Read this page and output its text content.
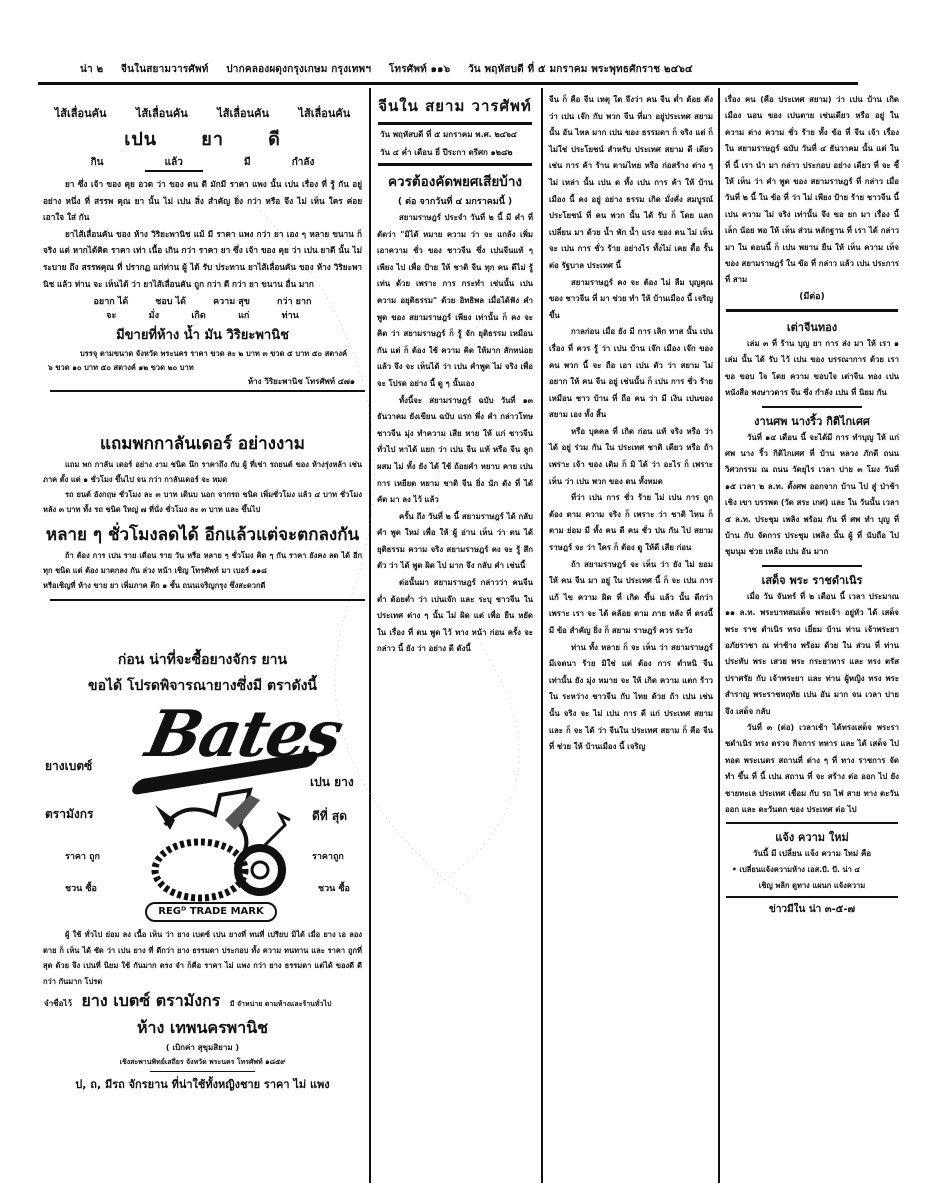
น่า ๒ จีนในสยามวารศัพท์ ปากคลองผดุงกรุงเกษม กรุงเทพฯ โทรศัพท์ ๑๑๖ วัน พฤหัสบดี ที่ ๕ มกราคม พระพุทธศักราช ๒๔๖๔
ไส้เลื่อนคัน	ไส้เลื่อนคัน	ไส้เลื่อนคัน	ไส้เลื่อนคัน
เปน ยา ดี
กิน	แล้ว	มี	กำลัง

ยา ซึ่ง เจ้า ของ คุย อวด ว่า ของ ตน ดี มักมี ราคา แพง นั้น เปน เรื่อง ที่ รู้ กัน อยู่ อย่าง หนึ่ง ที่ สรรพ คุณ ยา นั้น ไม่ เปน สิ่ง สำคัญ ยิ่ง กว่า หรือ จึง ไม่ เห็น ใคร ค่อย เอาใจ ใส่ กัน

ยาไส้เลื่อนคัน ของ ห้าง วิริยะพานิช แม้ มี ราคา แพง กว่า ยา เอง ๆ หลาย ขนาน ก็ จริง แต่ หากได้คิด ราคา เท่า เนื้อ เกิน กว่า ราคา ยา ซึ่ง เจ้า ของ คุย ว่า เปน ยาดี นั้น ไม่ ระบาย ถึง สรรพคุณ ที่ ปรากฏ แก่ท่าน ผู้ ได้ รับ ประทาน ยาไส้เลื่อนคัน ของ ห้าง วิริยะพานิช แล้ว ท่าน จะ เห็นได้ ว่า ยาไส้เลื่อนคัน ถูก กว่า ดี กว่า ยา ขนาน อื่น มาก

อยาก ได้	ชอบ ได้	ความ สุข	กว่า ยาก
จะ	มั่ง	เกิด	แก่	ท่าน
มีขายที่ห้าง น้ำ มัน วิริยะพานิช
บรรจุ ตามขนาด จังหวัด พระนคร ราคา ขวด ละ ๒ บาท ๓ ขวด ๕ บาท ๕๐ สตางค์
๖ ขวด ๑๐ บาท ๕๐ สตางค์ ๑๒ ขวด ๒๐ บาท
ห้าง วิริยะพานิช โทรศัพท์ ๔๗๑
แถมพกกาลันเดอร์ อย่างงาม

แถม พก กาลัน เดอร์ อย่าง งาม ชนิด นึก ราคาถึง กับ ผู้ ที่เช่า รถยนต์ ของ ห้างรุ่งหล้า เช่น ภาค ตั้ง แต่ ๑ ชั่วโมง ขึ้นไป จน กว่า กาลันเดอร์ จะ หมด

รถ ยนต์ อังกฤษ ชั่วโมง ละ ๓ บาท เดินบ นอก จากรถ ชนิด เพิ่มชั่วโมง แล้ว ๔ บาท ชั่วโมง หลัง ๓ บาท ทั้ง รถ ชนิด ใหญ่ ๗ ที่นั่ง ชั่วโมง ละ ๓ บาท และ ขึ้นไป

หลาย ๆ ชั่วโมงลดได้ อีกแล้วแต่จะตกลงกัน

ถ้า ต้อง การ เปน ราย เดือน ราย วัน หรือ หลาย ๆ ชั่วโมง คิด ๆ กัน ราคา ยังคง ลด ได้ อีก ทุก ชนิด แต่ ต้อง มาตกลง กัน ล่วง หน้า เชิญ โทรศัพท์ มา เบอร์ ๑๑๘

หรือเชิญที่ ห้าง ขาย ยา เพิ่มภาค ตึก ๑ ชั้น ถนนเจริญกรุง ซึ่งสะดวกดี

ก่อน น่าที่จะซื้อยางจักร ยาน
ขอได้ โปรดพิจารณายางซึ่งมี ตราดังนี้
Bates
REGᴰ TRADE MARK
ยางเบตซ์
ตรามังกร
ราคา ถูก
ชวน ซื้อ
เปน ยาง
ดีที่ สุด
ราคาถูก
ชวน ซื้อ

ผู้ ใช้ ทั่วไป ย่อม ลง เนื้อ เห็น ว่า ยาง เบตซ์ เปน ยางที่ ทนที่ เปรียบ มิได้ เมื่อ ยาง เอ ลอง ตาย ก็ เห็น ได้ ชัด ว่า เปน ยาง ที่ ดีกว่า ยาง ธรรมดา ประกอบ ทั้ง ความ ทนทาน และ ราคา ถูกที่ สุด ด้วย จึง เปนที่ นิยม ใช้ กันมาก ตรง จำ ก็คือ ราคา ไม่ แพง กว่า ยาง ธรรมดา แต่ได้ ของดี ดีกว่า กันมาก โปรด

จำชื่อไว้ ยาง เบตซ์ ตรามังกร มี จำหน่าย ตามห้างและร้านทั่วไป
ห้าง เทพนครพานิช
( เบิกค่า สุขุมสิยาม )
เชิงสะพานพิทย์เสถียร จังหวัด พระนคร โทรศัพท์ ๑๘๕๙
ป, ถ, มีรถ จักรยาน ที่น่าใช้ทั้งหญิงชาย ราคา ไม่ แพง
จีนใน สยาม วารศัพท์
วัน พฤหัสบดี ที่ ๕ มกราคม พ.ศ. ๒๔๖๔
วัน ๔ ค่ำ เดือน ยี่ ปีระกา ตรีศก ๑๒๘๒
ควรต้องคัดพยศเสียบ้าง
( ต่อ จากวันที่ ๔ มกราคมนี้ )

สยามราษฎร์ ประจำ วันที่ ๒ นี้ มี คำ ที่ ตัดว่า "มิได้ หมาย ความ ว่า จะ แกล้ง เพิ่ม เอาความ ชั่ว ของ ชาวจีน ซึ่ง เปนจีนแท้ ๆ เพียง ไป เพื่อ ป้าย ให้ ชาติ จีน ทุก คน ดีไม่ รู้ เท่น ด้วย เพราะ การ กระทำ เช่นนั้น เปน ความ อยุติธรรม" ด้วย อิทธิพล เมื่อได้ฟัง คำ พูด ของ สยามราษฎร์ เพียง เท่านั้น ก็ คง จะ คิด ว่า สยามราษฎร์ ก็ รู้ จัก ยุติธรรม เหมือนกัน แต่ ก็ ต้อง ใช้ ความ คิด ให้มาก สักหน่อย แล้ว จึง จะ เห็นได้ ว่า เปน คำพูด ไม่ จริง เพื่อ จะ โปรด อย่าง นี้ ดู ๆ นั้นเอง

ทั้งนี้จะ สยามราษฎร์ ฉบับ วันที่ ๑๓ ธันวาคม ยังเขียน ฉบับ แรก พึ่ง คำ กล่าวโทษ ชาวจีน มุ่ง ทำความ เสีย หาย ให้ แก่ ชาวจีน ทั่วไป หาได้ แยก ว่า เปน จีน แท้ หรือ จีน ลูก ผสม ไม่ ทั้ง ยัง ได้ ใช้ ถ้อยคำ หยาบ คาย เปน การ เหยียด หยาม ชาติ จีน ยิ่ง นัก ดัง ที่ ได้ คัด มา ลง ไว้ แล้ว

ครั้น ถึง วันที่ ๒ นี้ สยามราษฎร์ ได้ กลับ คำ พูด ใหม่ เพื่อ ให้ ผู้ อ่าน เห็น ว่า ตน ได้ ยุติธรรม ความ จริง สยามราษฎร์ คง จะ รู้ สึก ตัว ว่า ได้ พูด ผิด ไป มาก จึง กลับ คำ เช่นนี้

ต่อนั้นมา สยามราษฎร์ กล่าวว่า คนจีน ต่ำ ต้อยต่ำ ว่า เปนเจ๊ก และ ระบุ ชาวจีน ใน ประเทศ ต่าง ๆ นั้น ไม่ ผิด แต่ เพื่อ ยืน หยัด ใน เรื่อง ที่ ตน พูด ไว้ ทาง หน้า ก่อน ครั้ง จะ กล่าว นี้ ยัง ว่า อย่าง ดี ดังนี้

จีน ก็ คือ จีน เหตุ ใด จึงว่า คน จีน ต่ำ ต้อย ดังว่า เปน เจ๊ก กับ พวก จีน ที่มา อยู่ประเทศ สยาม นั้น อัน ไหล มาก เปน ของ ธรรมดา ก็ จริง แต่ ก็ไม่ใช่ ประโยชน์ สำหรับ ประเทศ สยาม ดี เดียว เช่น การ ค้า ร้าน ตามไทย หรือ ก่อสร้าง ต่าง ๆ ไม่ เหล่า นั้น เปน ด ทั้ง เปน การ ค้า ให้ บ้านเมือง นี้ คง อยู่ อย่าง ธรรม เกิด มั่งคั่ง สมบูรณ์ ประโยชน์ ที่ คน พวก นั้น ได้ รับ ก็ โดย แลก เปลี่ยน มา ด้วย น้ำ พัก น้ำ แรง ของ ตน ไม่ เห็น จะ เปน การ ชั่ว ร้าย อย่างไร ทั้งไม่ เคย ดื้อ รั้น ต่อ รัฐบาล ประเทศ นี้

สยามราษฎร์ คง จะ ต้อง ไม่ ลืม บุญคุณ ของ ชาวจีน ที่ มา ช่วย ทำ ให้ บ้านเมือง นี้ เจริญ ขึ้น

กาลก่อน เมื่อ ยัง มี การ เลิก ทาส นั้น เปน เรื่อง ที่ ควร รู้ ว่า เปน บ้าน เจ๊ก เมือง เจ๊ก ของ คน พวก นี้ จะ ถือ เอา เปน ตัว ว่า สยาม ไม่ อยาก ให้ คน จีน อยู่ เช่นนั้น ก็ เปน การ ชั่ว ร้าย เหมือน ชาว บ้าน ที่ ถือ คน ว่า มี เงิน เปนของ สยาม เอง ทั้ง สิ้น

หรือ บุคคล ที่ เกิด ก่อน แท้ จริง หรือ ว่า ได้ อยู่ ร่วม กัน ใน ประเทศ ชาติ เดียว หรือ ถ้า เพราะ เจ้า ของ เดิม ก็ มิ ได้ ว่า อะไร ก็ เพราะ เห็น ว่า เปน พวก ของ ตน ทั้งหมด

ที่ว่า เปน การ ชั่ว ร้าย ไม่ เปน การ ถูก ต้อง ตาม ความ จริง ก็ เพราะ ว่า ชาติ ไหน ก็ ตาม ย่อม มี ทั้ง คน ดี คน ชั่ว ปน กัน ไป สยามราษฎร์ จะ ว่า ใคร ก็ ต้อง ดู ให้ดี เสีย ก่อน

ถ้า สยามราษฎร์ จะ เห็น ว่า ยัง ไม่ ยอม ให้ คน จีน มา อยู่ ใน ประเทศ นี้ ก็ จะ เปน การ แก้ ไข ความ ผิด ที่ เกิด ขึ้น แล้ว นั้น ดีกว่า เพราะ เรา จะ ได้ คล้อย ตาม ภาย หลัง ที่ ตรงนี้ มี ข้อ สำคัญ ยิ่ง ก็ สยาม ราษฎร์ ควร ระวัง

ท่าน ทั้ง หลาย ก็ จะ เห็น ว่า สยามราษฎร์ มีเจตนา ร้าย มิใช่ แต่ ต้อง การ ตำหนิ จีน เท่านั้น ยัง มุ่ง หมาย จะ ให้ เกิด ความ แตก ร้าว ใน ระหว่าง ชาวจีน กับ ไทย ด้วย ถ้า เปน เช่นนั้น จริง จะ ไม่ เปน การ ดี แก่ ประเทศ สยาม และ ก็ จะ ได้ ว่า จีนใน ประเทศ สยาม ก็ คือ จีน ที่ ช่วย ให้ บ้านเมือง นี้ เจริญ

เรื่อง คน (คือ ประเทศ สยาม) ว่า เปน บ้าน เกิด เมือง นอน ของ เปนตาย เช่นเดียว หรือ อยู่ ใน ความ ต่าง ความ ชั่ว ร้าย ทั้ง ข้อ ที่ จีน เจ้า เรื่อง ใน สยามราษฎร์ ฉบับ วันที่ ๔ ธันวาคม นั้น แต่ ใน ที่ นี้ เรา นำ มา กล่าว ประกอบ อย่าง เดียว ที่ จะ ชี้ ให้ เห็น ว่า คำ พูด ของ สยามราษฎร์ ที่ กล่าว เมื่อ วันที่ ๒ นี้ ใน ข้อ ที่ ว่า ไม่ เพียง ป้าย ร้าย ชาวจีน นี้ เปน ความ ไม่ จริง เท่านั้น จึง ขอ ยก มา เรื่อง นี้ เล็ก น้อย พอ ให้ เห็น ส่วน หลักฐาน ที่ เรา ได้ กล่าว มา ใน ตอนนี้ ก็ เปน พยาน ยืน ให้ เห็น ความ เท็จ ของ สยามราษฎร์ ใน ข้อ ที่ กล่าว แล้ว เปน ประการ ที่ สาม

(มีต่อ)
เต่าจีนทอง

เล่ม ๓ ที่ ร้าน บุญ ยา การ ส่ง มา ให้ เรา ๑ เล่ม นั้น ได้ รับ ไว้ เปน ของ บรรณาการ ด้วย เรา ขอ ขอบ ใจ โดย ความ ขอบใจ เต่าจีน ทอง เปน หนังสือ พงษาวดาร จีน ซึ่ง กำลัง เปน ที่ นิยม กัน

งานศพ นางริ้ว กิติไกเศศ

วันที่ ๑๔ เดือน นี้ จะได้มี การ ทำบุญ ให้ แก่ศพ นาง ริ้ว กิติไกเศศ ที่ บ้าน หลวง ภักดี ถนน วิศวกรรม ณ ถนน วัดยุไร เวลา บ่าย ๓ โมง วันที่ ๑๕ เวลา ๒ ล.ท. ตั้งศพ ออกจาก บ้าน ไป สู่ ป่าช้า เชิง เขา บรรพต (วัด สระ เกศ) และ ใน วันนั้น เวลา ๕ ล.ท. ประชุม เพลิง พร้อม กัน ที่ ศพ ทำ บุญ ที่ บ้าน กับ จัดการ ประชุม เพลิง นั้น ผู้ ที่ นับถือ ไป ชุมนุม ช่วย เหลือ เปน อัน มาก

เสด็จ พระ ราชดำเนิร

เมื่อ วัน จันทร์ ที่ ๒ เดือน นี้ เวลา ประมาณ ๑๑ ล.ท. พระบาทสมเด็จ พระเจ้า อยู่หัว ได้ เสด็จ พระ ราช ดำเนิร ทรง เยี่ยม บ้าน ท่าน เจ้าพระยา อภัยราชา ณ ท่าช้าง พร้อม ด้วย ใน ส่วน ที่ ท่าน ประทับ พระ เสวย พระ กระยาหาร และ ทรง ตรัส ปราศรัย กับ เจ้าพระยา และ ท่าน ผู้หญิง ทรง พระสำราญ พระราชหฤทัย เปน อัน มาก จน เวลา บ่าย จึง เสด็จ กลับ

วันที่ ๓ (ต่อ) เวลาเช้า ได้ทรงเสด็จ พระราชดำเนิร ทรง ตรวจ กิจการ ทหาร และ ได้ เสด็จ ไป ทอด พระเนตร สถานที่ ต่าง ๆ ที่ ทาง ราชการ จัด ทำ ขึ้น ที่ นี้ เปน สถาน ที่ จะ สร้าง ต่อ ออก ไป ยัง ชายทะเล ประเทศ เชื่อม กับ รถ ไฟ สาย ทาง ตะวันออก และ ตะวันตก ของ ประเทศ ต่อ ไป

แจ้ง ความ ใหม่
วันนี้ มี เปลี่ยน แจ้ง ความ ใหม่ คือ
• เปลี่ยนแจ้งความห้าง เอส.บี. บี. น่า ๔
เชิญ พลิก ดูทาง แผนก แจ้งความ
ข่าวมีใน น่า ๓-๕-๗
